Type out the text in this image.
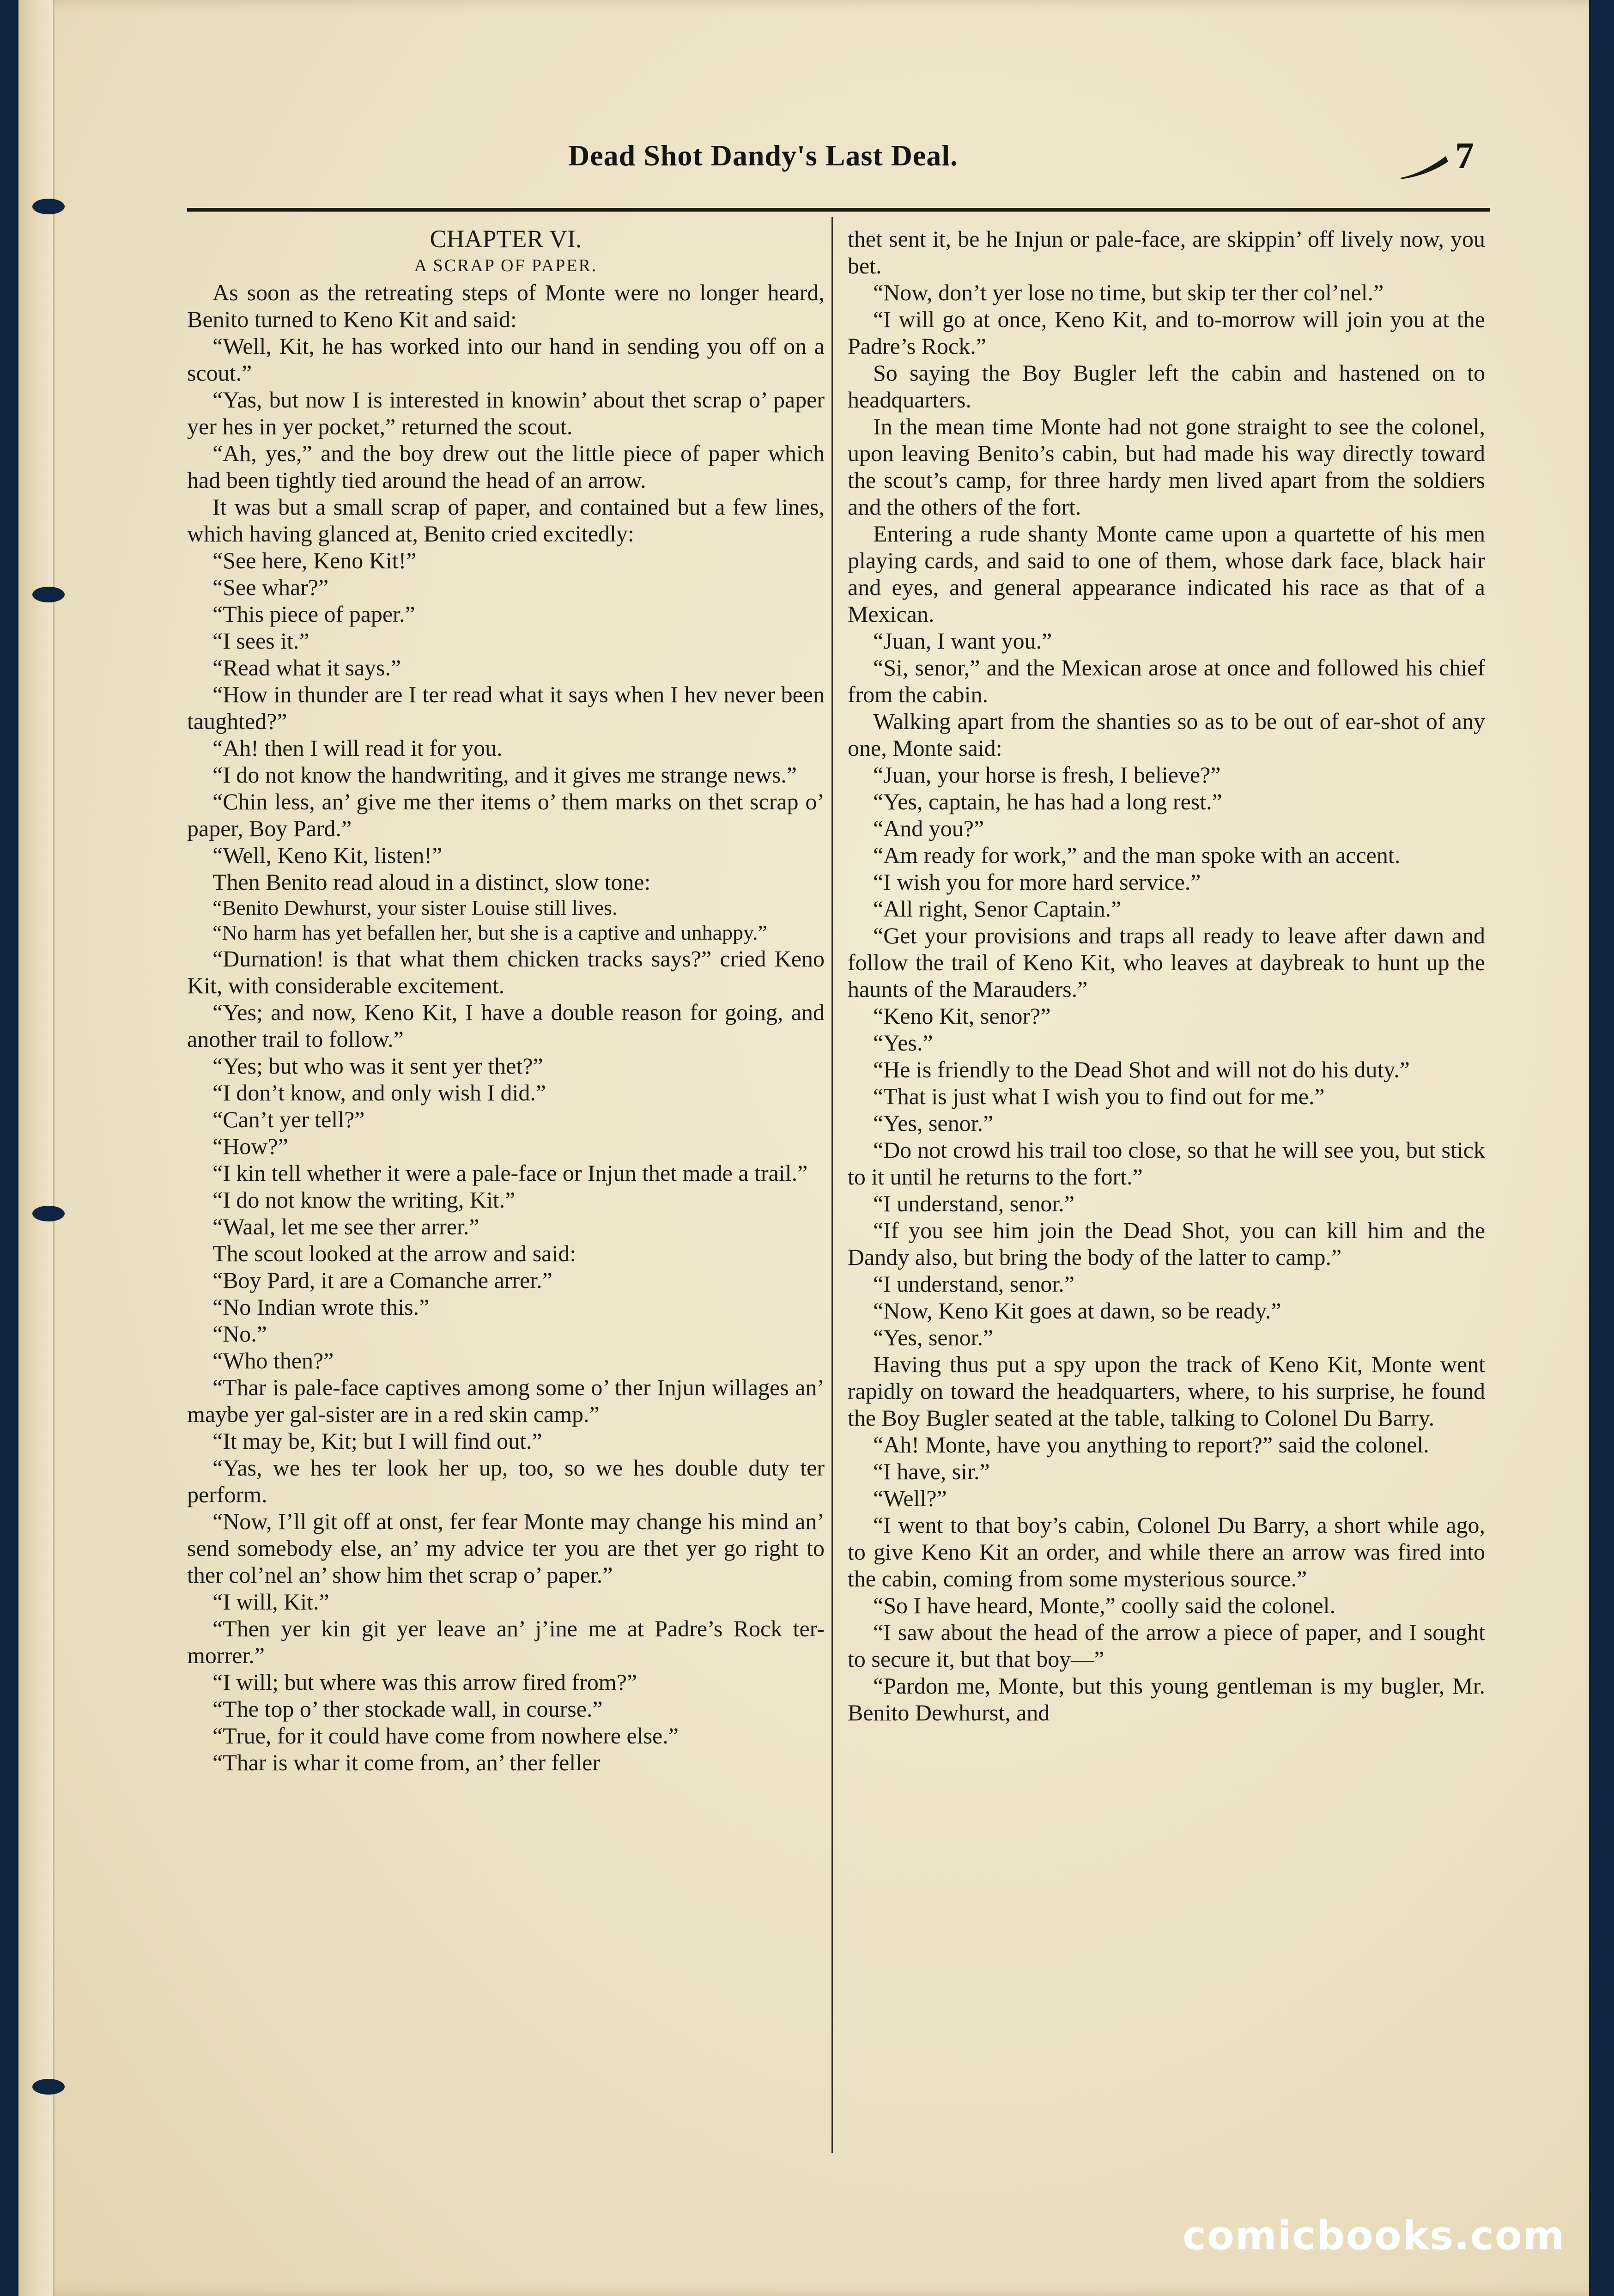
Dead Shot Dandy's Last Deal.	7

CHAPTER VI.

A SCRAP OF PAPER.

As soon as the retreating steps of Monte were no longer heard, Benito turned to Keno Kit and said:

“Well, Kit, he has worked into our hand in sending you off on a scout.”

“Yas, but now I is interested in knowin’ about thet scrap o’ paper yer hes in yer pocket,” returned the scout.

“Ah, yes,” and the boy drew out the little piece of paper which had been tightly tied around the head of an arrow.

It was but a small scrap of paper, and contained but a few lines, which having glanced at, Benito cried excitedly:

“See here, Keno Kit!”

“See whar?”

“This piece of paper.”

“I sees it.”

“Read what it says.”

“How in thunder are I ter read what it says when I hev never been taughted?”

“Ah! then I will read it for you.

“I do not know the handwriting, and it gives me strange news.”

“Chin less, an’ give me ther items o’ them marks on thet scrap o’ paper, Boy Pard.”

“Well, Keno Kit, listen!”

Then Benito read aloud in a distinct, slow tone:

“Benito Dewhurst, your sister Louise still lives.

“No harm has yet befallen her, but she is a captive and unhappy.”

“Durnation! is that what them chicken tracks says?” cried Keno Kit, with considerable excitement.

“Yes; and now, Keno Kit, I have a double reason for going, and another trail to follow.”

“Yes; but who was it sent yer thet?”

“I don’t know, and only wish I did.”

“Can’t yer tell?”

“How?”

“I kin tell whether it were a pale-face or Injun thet made a trail.”

“I do not know the writing, Kit.”

“Waal, let me see ther arrer.”

The scout looked at the arrow and said:

“Boy Pard, it are a Comanche arrer.”

“No Indian wrote this.”

“No.”

“Who then?”

“Thar is pale-face captives among some o’ ther Injun willages an’ maybe yer gal-sister are in a red skin camp.”

“It may be, Kit; but I will find out.”

“Yas, we hes ter look her up, too, so we hes double duty ter perform.

“Now, I’ll git off at onst, fer fear Monte may change his mind an’ send somebody else, an’ my advice ter you are thet yer go right to ther col’nel an’ show him thet scrap o’ paper.”

“I will, Kit.”

“Then yer kin git yer leave an’ j’ine me at Padre’s Rock ter-morrer.”

“I will; but where was this arrow fired from?”

“The top o’ ther stockade wall, in course.”

“True, for it could have come from nowhere else.”

“Thar is whar it come from, an’ ther feller

thet sent it, be he Injun or pale-face, are skippin’ off lively now, you bet.

“Now, don’t yer lose no time, but skip ter ther col’nel.”

“I will go at once, Keno Kit, and to-morrow will join you at the Padre’s Rock.”

So saying the Boy Bugler left the cabin and hastened on to headquarters.

In the mean time Monte had not gone straight to see the colonel, upon leaving Benito’s cabin, but had made his way directly toward the scout’s camp, for three hardy men lived apart from the soldiers and the others of the fort.

Entering a rude shanty Monte came upon a quartette of his men playing cards, and said to one of them, whose dark face, black hair and eyes, and general appearance indicated his race as that of a Mexican.

“Juan, I want you.”

“Si, senor,” and the Mexican arose at once and followed his chief from the cabin.

Walking apart from the shanties so as to be out of ear-shot of any one, Monte said:

“Juan, your horse is fresh, I believe?”

“Yes, captain, he has had a long rest.”

“And you?”

“Am ready for work,” and the man spoke with an accent.

“I wish you for more hard service.”

“All right, Senor Captain.”

“Get your provisions and traps all ready to leave after dawn and follow the trail of Keno Kit, who leaves at daybreak to hunt up the haunts of the Marauders.”

“Keno Kit, senor?”

“Yes.”

“He is friendly to the Dead Shot and will not do his duty.”

“That is just what I wish you to find out for me.”

“Yes, senor.”

“Do not crowd his trail too close, so that he will see you, but stick to it until he returns to the fort.”

“I understand, senor.”

“If you see him join the Dead Shot, you can kill him and the Dandy also, but bring the body of the latter to camp.”

“I understand, senor.”

“Now, Keno Kit goes at dawn, so be ready.”

“Yes, senor.”

Having thus put a spy upon the track of Keno Kit, Monte went rapidly on toward the headquarters, where, to his surprise, he found the Boy Bugler seated at the table, talking to Colonel Du Barry.

“Ah! Monte, have you anything to report?” said the colonel.

“I have, sir.”

“Well?”

“I went to that boy’s cabin, Colonel Du Barry, a short while ago, to give Keno Kit an order, and while there an arrow was fired into the cabin, coming from some mysterious source.”

“So I have heard, Monte,” coolly said the colonel.

“I saw about the head of the arrow a piece of paper, and I sought to secure it, but that boy—”

“Pardon me, Monte, but this young gentleman is my bugler, Mr. Benito Dewhurst, and

comicbooks.com
